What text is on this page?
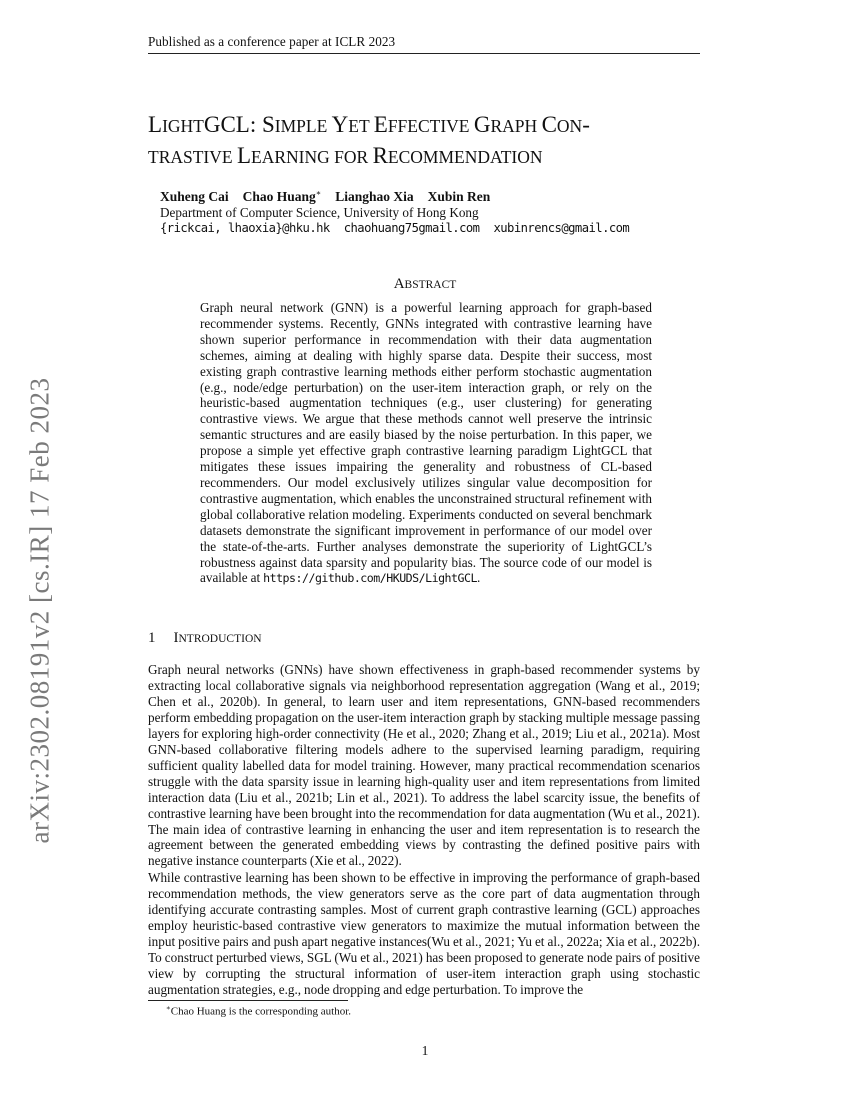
Published as a conference paper at ICLR 2023
LIGHTGCL: SIMPLE YET EFFECTIVE GRAPH CON-
TRASTIVE LEARNING FOR RECOMMENDATION
Xuheng Cai Chao Huang∗ Lianghao Xia Xubin Ren
Department of Computer Science, University of Hong Kong
{rickcai, lhaoxia}@hku.hk chaohuang75gmail.com xubinrencs@gmail.com
ABSTRACT
Graph neural network (GNN) is a powerful learning approach for graph-based recommender systems. Recently, GNNs integrated with contrastive learning have shown superior performance in recommendation with their data augmentation schemes, aiming at dealing with highly sparse data. Despite their success, most existing graph contrastive learning methods either perform stochastic augmentation (e.g., node/edge perturbation) on the user-item interaction graph, or rely on the heuristic-based augmentation techniques (e.g., user clustering) for generating contrastive views. We argue that these methods cannot well preserve the intrinsic semantic structures and are easily biased by the noise perturbation. In this paper, we propose a simple yet effective graph contrastive learning paradigm LightGCL that mitigates these issues impairing the generality and robustness of CL-based recommenders. Our model exclusively utilizes singular value decomposition for contrastive augmentation, which enables the unconstrained structural refinement with global collaborative relation modeling. Experiments conducted on several benchmark datasets demonstrate the significant improvement in performance of our model over the state-of-the-arts. Further analyses demonstrate the superiority of LightGCL’s robustness against data sparsity and popularity bias. The source code of our model is available at https://github.com/HKUDS/LightGCL.
arXiv:2302.08191v2 [cs.IR] 17 Feb 2023	1 INTRODUCTION
Graph neural networks (GNNs) have shown effectiveness in graph-based recommender systems by extracting local collaborative signals via neighborhood representation aggregation (Wang et al., 2019; Chen et al., 2020b). In general, to learn user and item representations, GNN-based recommenders perform embedding propagation on the user-item interaction graph by stacking multiple message passing layers for exploring high-order connectivity (He et al., 2020; Zhang et al., 2019; Liu et al., 2021a). Most GNN-based collaborative filtering models adhere to the supervised learning paradigm, requiring sufficient quality labelled data for model training. However, many practical recommendation scenarios struggle with the data sparsity issue in learning high-quality user and item representations from limited interaction data (Liu et al., 2021b; Lin et al., 2021). To address the label scarcity issue, the benefits of contrastive learning have been brought into the recommendation for data augmentation (Wu et al., 2021). The main idea of contrastive learning in enhancing the user and item representation is to research the agreement between the generated embedding views by contrasting the defined positive pairs with negative instance counterparts (Xie et al., 2022).
While contrastive learning has been shown to be effective in improving the performance of graph-based recommendation methods, the view generators serve as the core part of data augmentation through identifying accurate contrasting samples. Most of current graph contrastive learning (GCL) approaches employ heuristic-based contrastive view generators to maximize the mutual information between the input positive pairs and push apart negative instances(Wu et al., 2021; Yu et al., 2022a; Xia et al., 2022b). To construct perturbed views, SGL (Wu et al., 2021) has been proposed to generate node pairs of positive view by corrupting the structural information of user-item interaction graph using stochastic augmentation strategies, e.g., node dropping and edge perturbation. To improve the
∗Chao Huang is the corresponding author.
1
